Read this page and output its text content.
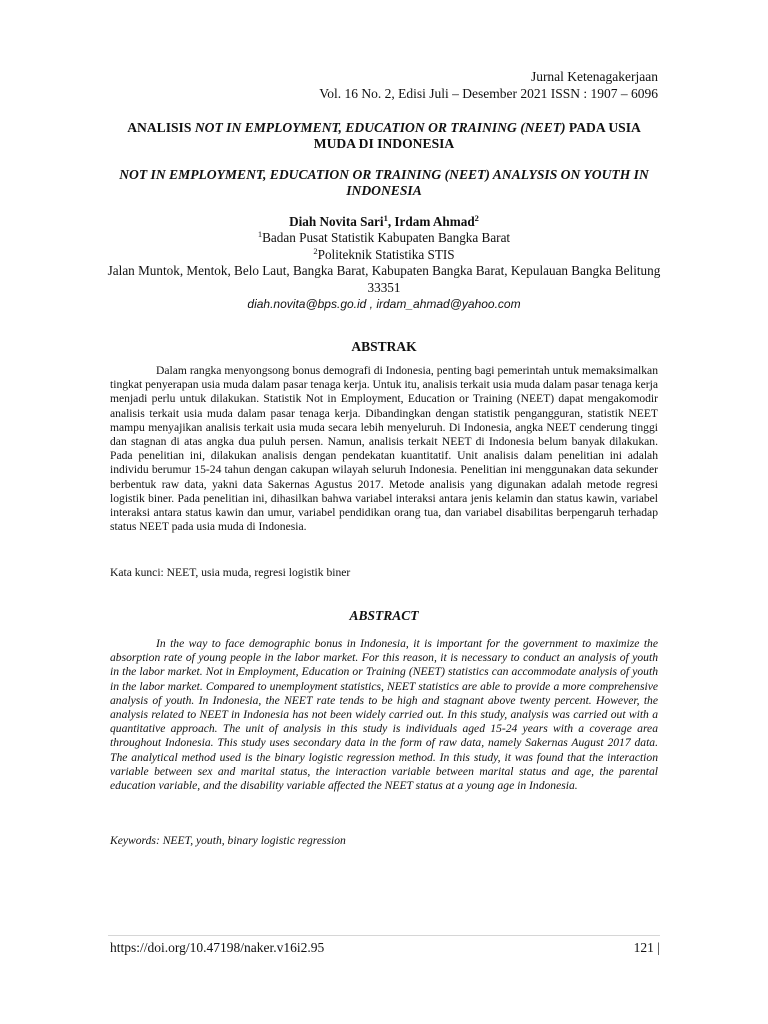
Jurnal Ketenagakerjaan
Vol. 16 No. 2, Edisi Juli – Desember 2021 ISSN : 1907 – 6096
ANALISIS NOT IN EMPLOYMENT, EDUCATION OR TRAINING (NEET) PADA USIA MUDA DI INDONESIA
NOT IN EMPLOYMENT, EDUCATION OR TRAINING (NEET) ANALYSIS ON YOUTH IN INDONESIA
Diah Novita Sari$^1$, Irdam Ahmad$^2$
$^1$Badan Pusat Statistik Kabupaten Bangka Barat
$^2$Politeknik Statistika STIS
Jalan Muntok, Mentok, Belo Laut, Bangka Barat, Kabupaten Bangka Barat, Kepulauan Bangka Belitung 33351
diah.novita@bps.go.id , irdam_ahmad@yahoo.com
ABSTRAK

Dalam rangka menyongsong bonus demografi di Indonesia, penting bagi pemerintah untuk memaksimalkan tingkat penyerapan usia muda dalam pasar tenaga kerja. Untuk itu, analisis terkait usia muda dalam pasar tenaga kerja menjadi perlu untuk dilakukan. Statistik Not in Employment, Education or Training (NEET) dapat mengakomodir analisis terkait usia muda dalam pasar tenaga kerja. Dibandingkan dengan statistik pengangguran, statistik NEET mampu menyajikan analisis terkait usia muda secara lebih menyeluruh. Di Indonesia, angka NEET cenderung tinggi dan stagnan di atas angka dua puluh persen. Namun, analisis terkait NEET di Indonesia belum banyak dilakukan. Pada penelitian ini, dilakukan analisis dengan pendekatan kuantitatif. Unit analisis dalam penelitian ini adalah individu berumur 15-24 tahun dengan cakupan wilayah seluruh Indonesia. Penelitian ini menggunakan data sekunder berbentuk raw data, yakni data Sakernas Agustus 2017. Metode analisis yang digunakan adalah metode regresi logistik biner. Pada penelitian ini, dihasilkan bahwa variabel interaksi antara jenis kelamin dan status kawin, variabel interaksi antara status kawin dan umur, variabel pendidikan orang tua, dan variabel disabilitas berpengaruh terhadap status NEET pada usia muda di Indonesia.

Kata kunci: NEET, usia muda, regresi logistik biner
ABSTRACT

In the way to face demographic bonus in Indonesia, it is important for the government to maximize the absorption rate of young people in the labor market. For this reason, it is necessary to conduct an analysis of youth in the labor market. Not in Employment, Education or Training (NEET) statistics can accommodate analysis of youth in the labor market. Compared to unemployment statistics, NEET statistics are able to provide a more comprehensive analysis of youth. In Indonesia, the NEET rate tends to be high and stagnant above twenty percent. However, the analysis related to NEET in Indonesia has not been widely carried out. In this study, analysis was carried out with a quantitative approach. The unit of analysis in this study is individuals aged 15-24 years with a coverage area throughout Indonesia. This study uses secondary data in the form of raw data, namely Sakernas August 2017 data. The analytical method used is the binary logistic regression method. In this study, it was found that the interaction variable between sex and marital status, the interaction variable between marital status and age, the parental education variable, and the disability variable affected the NEET status at a young age in Indonesia.

Keywords: NEET, youth, binary logistic regression
https://doi.org/10.47198/naker.v16i2.95	121 |
